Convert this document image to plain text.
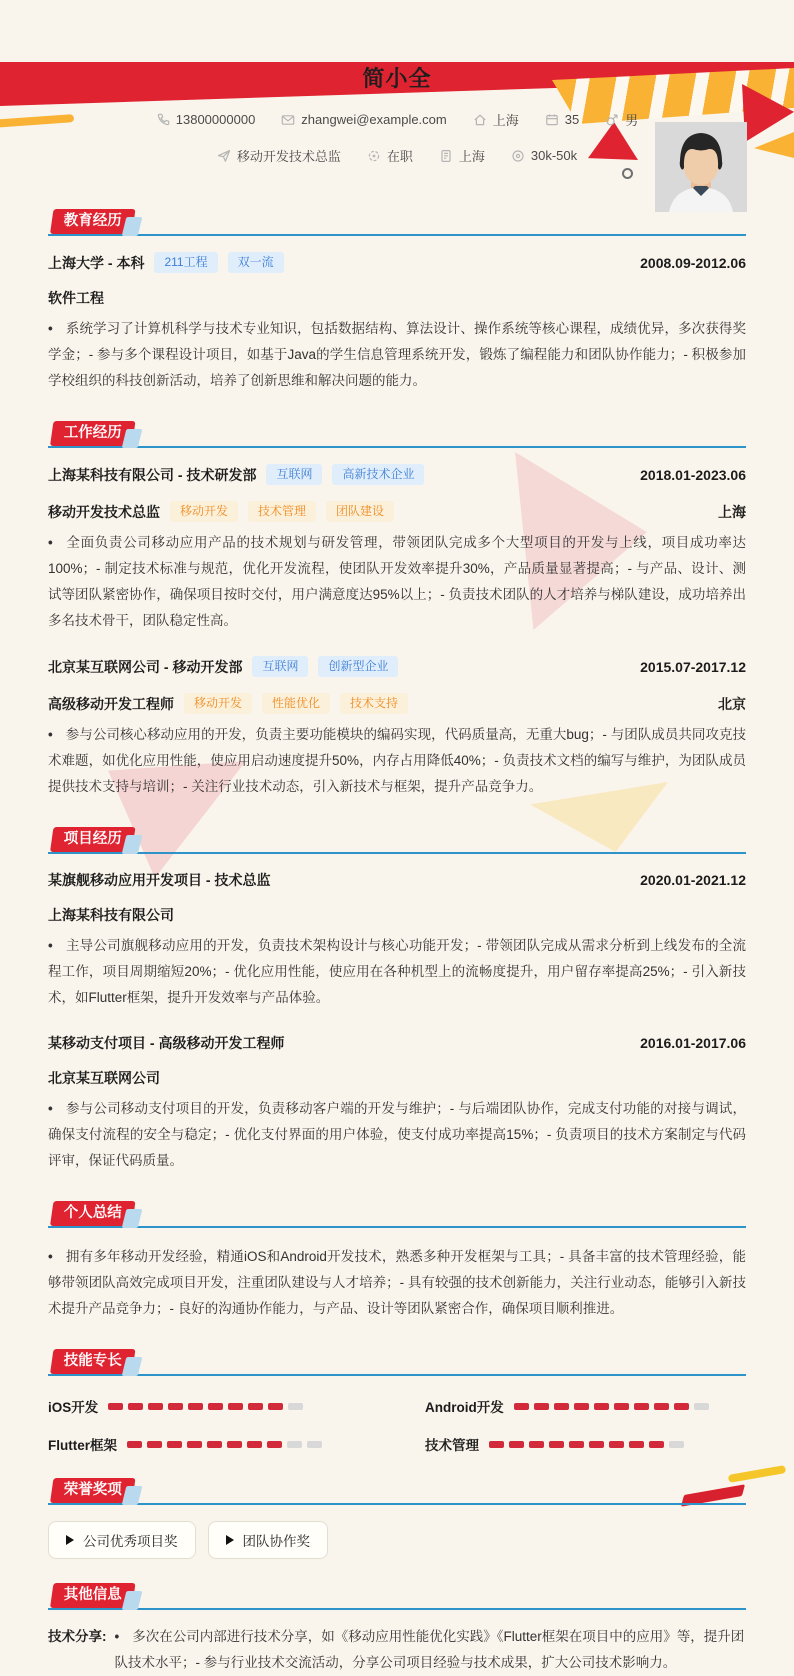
简小全
13800000000	zhangwei@example.com	上海	35	男
移动开发技术总监	在职	上海	30k-50k
教育经历
上海大学 - 本科	211工程	双一流	2008.09-2012.06
软件工程

• 系统学习了计算机科学与技术专业知识，包括数据结构、算法设计、操作系统等核心课程，成绩优异，多次获得奖学金；- 参与多个课程设计项目，如基于Java的学生信息管理系统开发，锻炼了编程能力和团队协作能力；- 积极参加学校组织的科技创新活动，培养了创新思维和解决问题的能力。

工作经历
上海某科技有限公司 - 技术研发部	互联网	高新技术企业	2018.01-2023.06
移动开发技术总监	移动开发	技术管理	团队建设	上海

• 全面负责公司移动应用产品的技术规划与研发管理，带领团队完成多个大型项目的开发与上线，项目成功率达100%；- 制定技术标准与规范，优化开发流程，使团队开发效率提升30%，产品质量显著提高；- 与产品、设计、测试等团队紧密协作，确保项目按时交付，用户满意度达95%以上；- 负责技术团队的人才培养与梯队建设，成功培养出多名技术骨干，团队稳定性高。

北京某互联网公司 - 移动开发部	互联网	创新型企业	2015.07-2017.12
高级移动开发工程师	移动开发	性能优化	技术支持	北京

• 参与公司核心移动应用的开发，负责主要功能模块的编码实现，代码质量高，无重大bug；- 与团队成员共同攻克技术难题，如优化应用性能，使应用启动速度提升50%，内存占用降低40%；- 负责技术文档的编写与维护，为团队成员提供技术支持与培训；- 关注行业技术动态，引入新技术与框架，提升产品竞争力。

项目经历
某旗舰移动应用开发项目 - 技术总监	2020.01-2021.12
上海某科技有限公司

• 主导公司旗舰移动应用的开发，负责技术架构设计与核心功能开发；- 带领团队完成从需求分析到上线发布的全流程工作，项目周期缩短20%；- 优化应用性能，使应用在各种机型上的流畅度提升，用户留存率提高25%；- 引入新技术，如Flutter框架，提升开发效率与产品体验。

某移动支付项目 - 高级移动开发工程师	2016.01-2017.06
北京某互联网公司

• 参与公司移动支付项目的开发，负责移动客户端的开发与维护；- 与后端团队协作，完成支付功能的对接与调试，确保支付流程的安全与稳定；- 优化支付界面的用户体验，使支付成功率提高15%；- 负责项目的技术方案制定与代码评审，保证代码质量。

个人总结

• 拥有多年移动开发经验，精通iOS和Android开发技术，熟悉多种开发框架与工具；- 具备丰富的技术管理经验，能够带领团队高效完成项目开发，注重团队建设与人才培养；- 具有较强的技术创新能力，关注行业动态，能够引入新技术提升产品竞争力；- 良好的沟通协作能力，与产品、设计等团队紧密合作，确保项目顺利推进。

技能专长
iOS开发	Android开发
Flutter框架	技术管理
荣誉奖项
公司优秀项目奖	团队协作奖
其他信息
技术分享:	• 多次在公司内部进行技术分享，如《移动应用性能优化实践》《Flutter框架在项目中的应用》等，提升团队技术水平；- 参与行业技术交流活动，分享公司项目经验与技术成果，扩大公司技术影响力。
